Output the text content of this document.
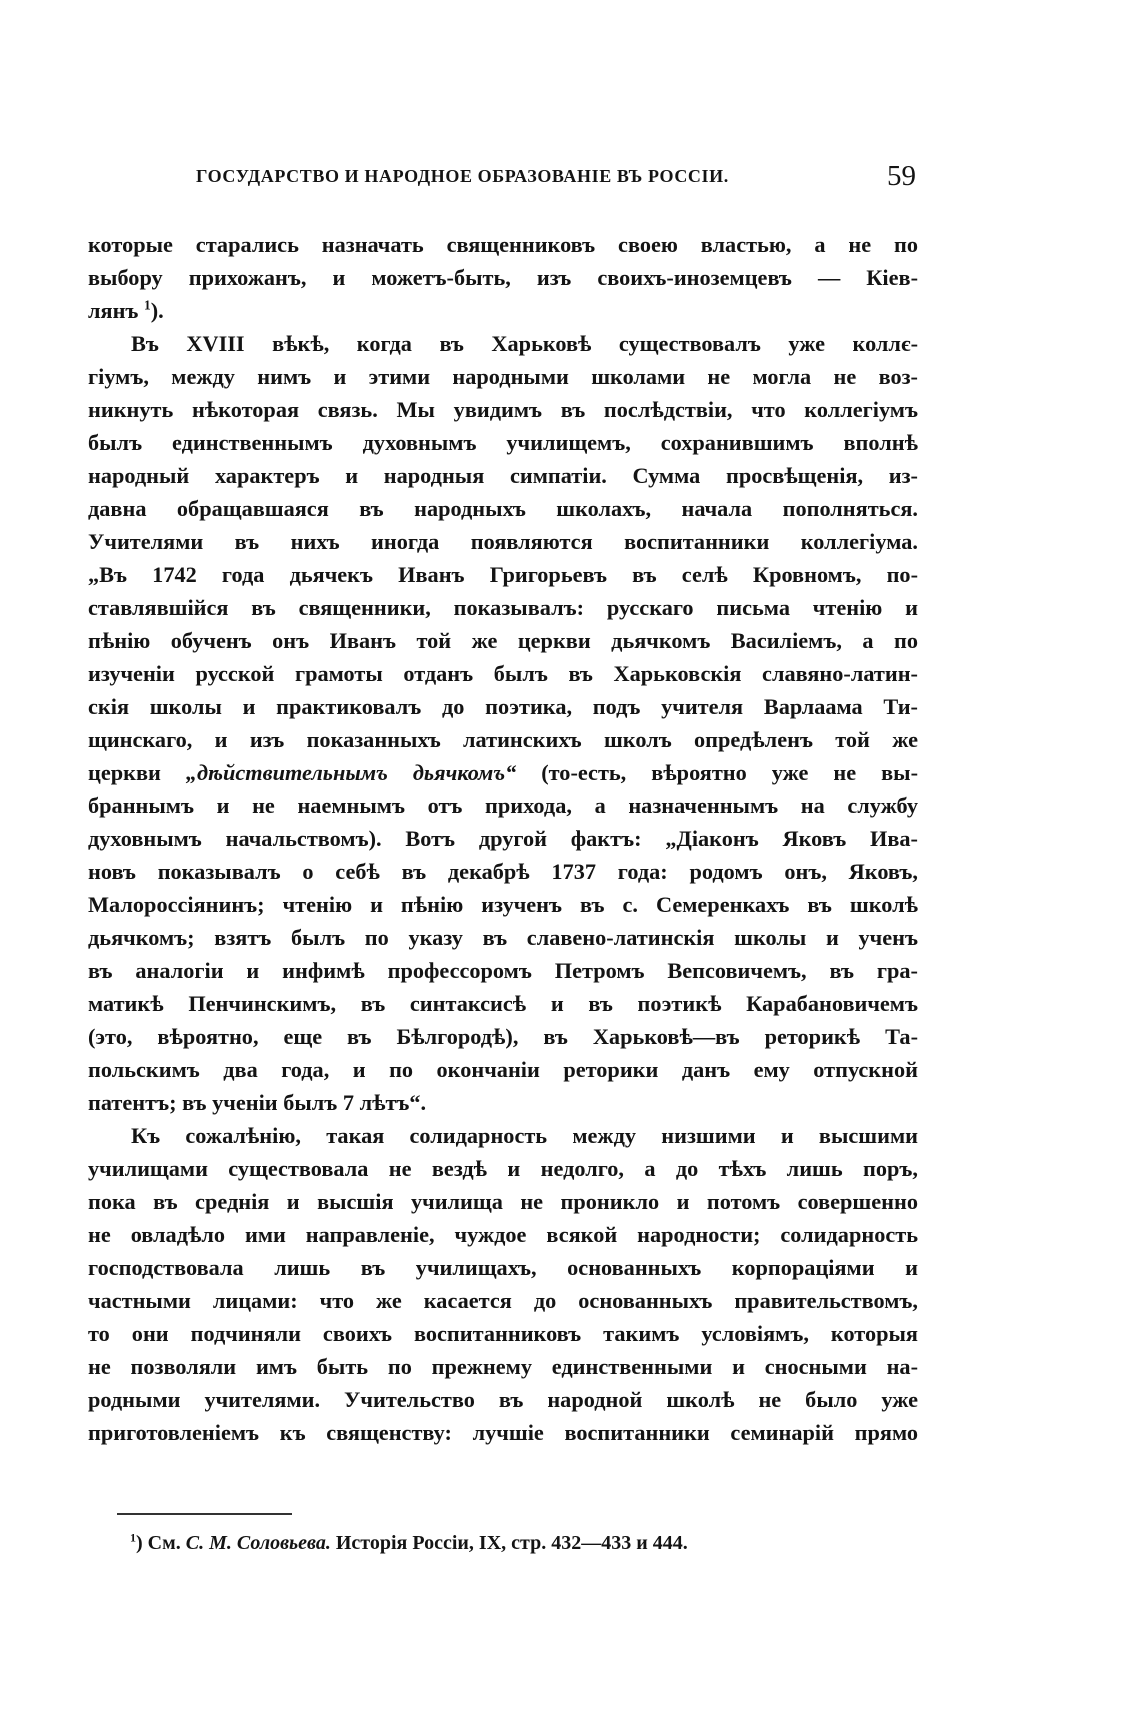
ГОСУДАРСТВО И НАРОДНОЕ ОБРАЗОВАНІЕ ВЪ РОССІИ.	59
которые старались назначать священниковъ своею властью, а не по
выбору прихожанъ, и можетъ-быть, изъ своихъ-иноземцевъ — Кіев-
лянъ $^1$).
Въ XVIII вѣкѣ, когда въ Харьковѣ существовалъ уже коллє-
гіумъ, между нимъ и этими народными школами не могла не воз-
никнуть нѣкоторая связь. Мы увидимъ въ послѣдствіи, что коллегіумъ
былъ единственнымъ духовнымъ училищемъ, сохранившимъ вполнѣ
народный характеръ и народныя симпатіи. Сумма просвѣщенія, из-
давна обращавшаяся въ народныхъ школахъ, начала пополняться.
Учителями въ нихъ иногда появляются воспитанники коллегіума.
„Въ 1742 года дьячекъ Иванъ Григорьевъ въ селѣ Кровномъ, по-
ставлявшійся въ священники, показывалъ: русскаго письма чтенію и
пѣнію обученъ онъ Иванъ той же церкви дьячкомъ Василіемъ, а по
изученіи русской грамоты отданъ былъ въ Харьковскія славяно-латин-
скія школы и практиковалъ до поэтика, подъ учителя Варлаама Ти-
щинскаго, и изъ показанныхъ латинскихъ школъ опредѣленъ той же
церкви „дѣйствительнымъ дьячкомъ“ (то-есть, вѣроятно уже не вы-
браннымъ и не наемнымъ отъ прихода, а назначеннымъ на службу
духовнымъ начальствомъ). Вотъ другой фактъ: „Діаконъ Яковъ Ива-
новъ показывалъ о себѣ въ декабрѣ 1737 года: родомъ онъ, Яковъ,
Малороссіянинъ; чтенію и пѣнію изученъ въ с. Семеренкахъ въ школѣ
дьячкомъ; взятъ былъ по указу въ славено-латинскія школы и ученъ
въ аналогіи и инфимѣ профессоромъ Петромъ Вепсовичемъ, въ гра-
матикѣ Пенчинскимъ, въ синтаксисѣ и въ поэтикѣ Карабановичемъ
(это, вѣроятно, еще въ Бѣлгородѣ), въ Харьковѣ—въ реторикѣ Та-
польскимъ два года, и по окончаніи реторики данъ ему отпускной
патентъ; въ ученіи былъ 7 лѣтъ“.
Къ сожалѣнію, такая солидарность между низшими и высшими
училищами существовала не вездѣ и недолго, а до тѣхъ лишь поръ,
пока въ среднія и высшія училища не проникло и потомъ совершенно
не овладѣло ими направленіе, чуждое всякой народности; солидарность
господствовала лишь въ училищахъ, основанныхъ корпораціями и
частными лицами: что же касается до основанныхъ правительствомъ,
то они подчиняли своихъ воспитанниковъ такимъ условіямъ, которыя
не позволяли имъ быть по прежнему единственными и сносными на-
родными учителями. Учительство въ народной школѣ не было уже
приготовленіемъ къ священству: лучшіе воспитанники семинарій прямо
$^1$) См. С. М. Соловьева. Исторія Россіи, IX, стр. 432—433 и 444.
